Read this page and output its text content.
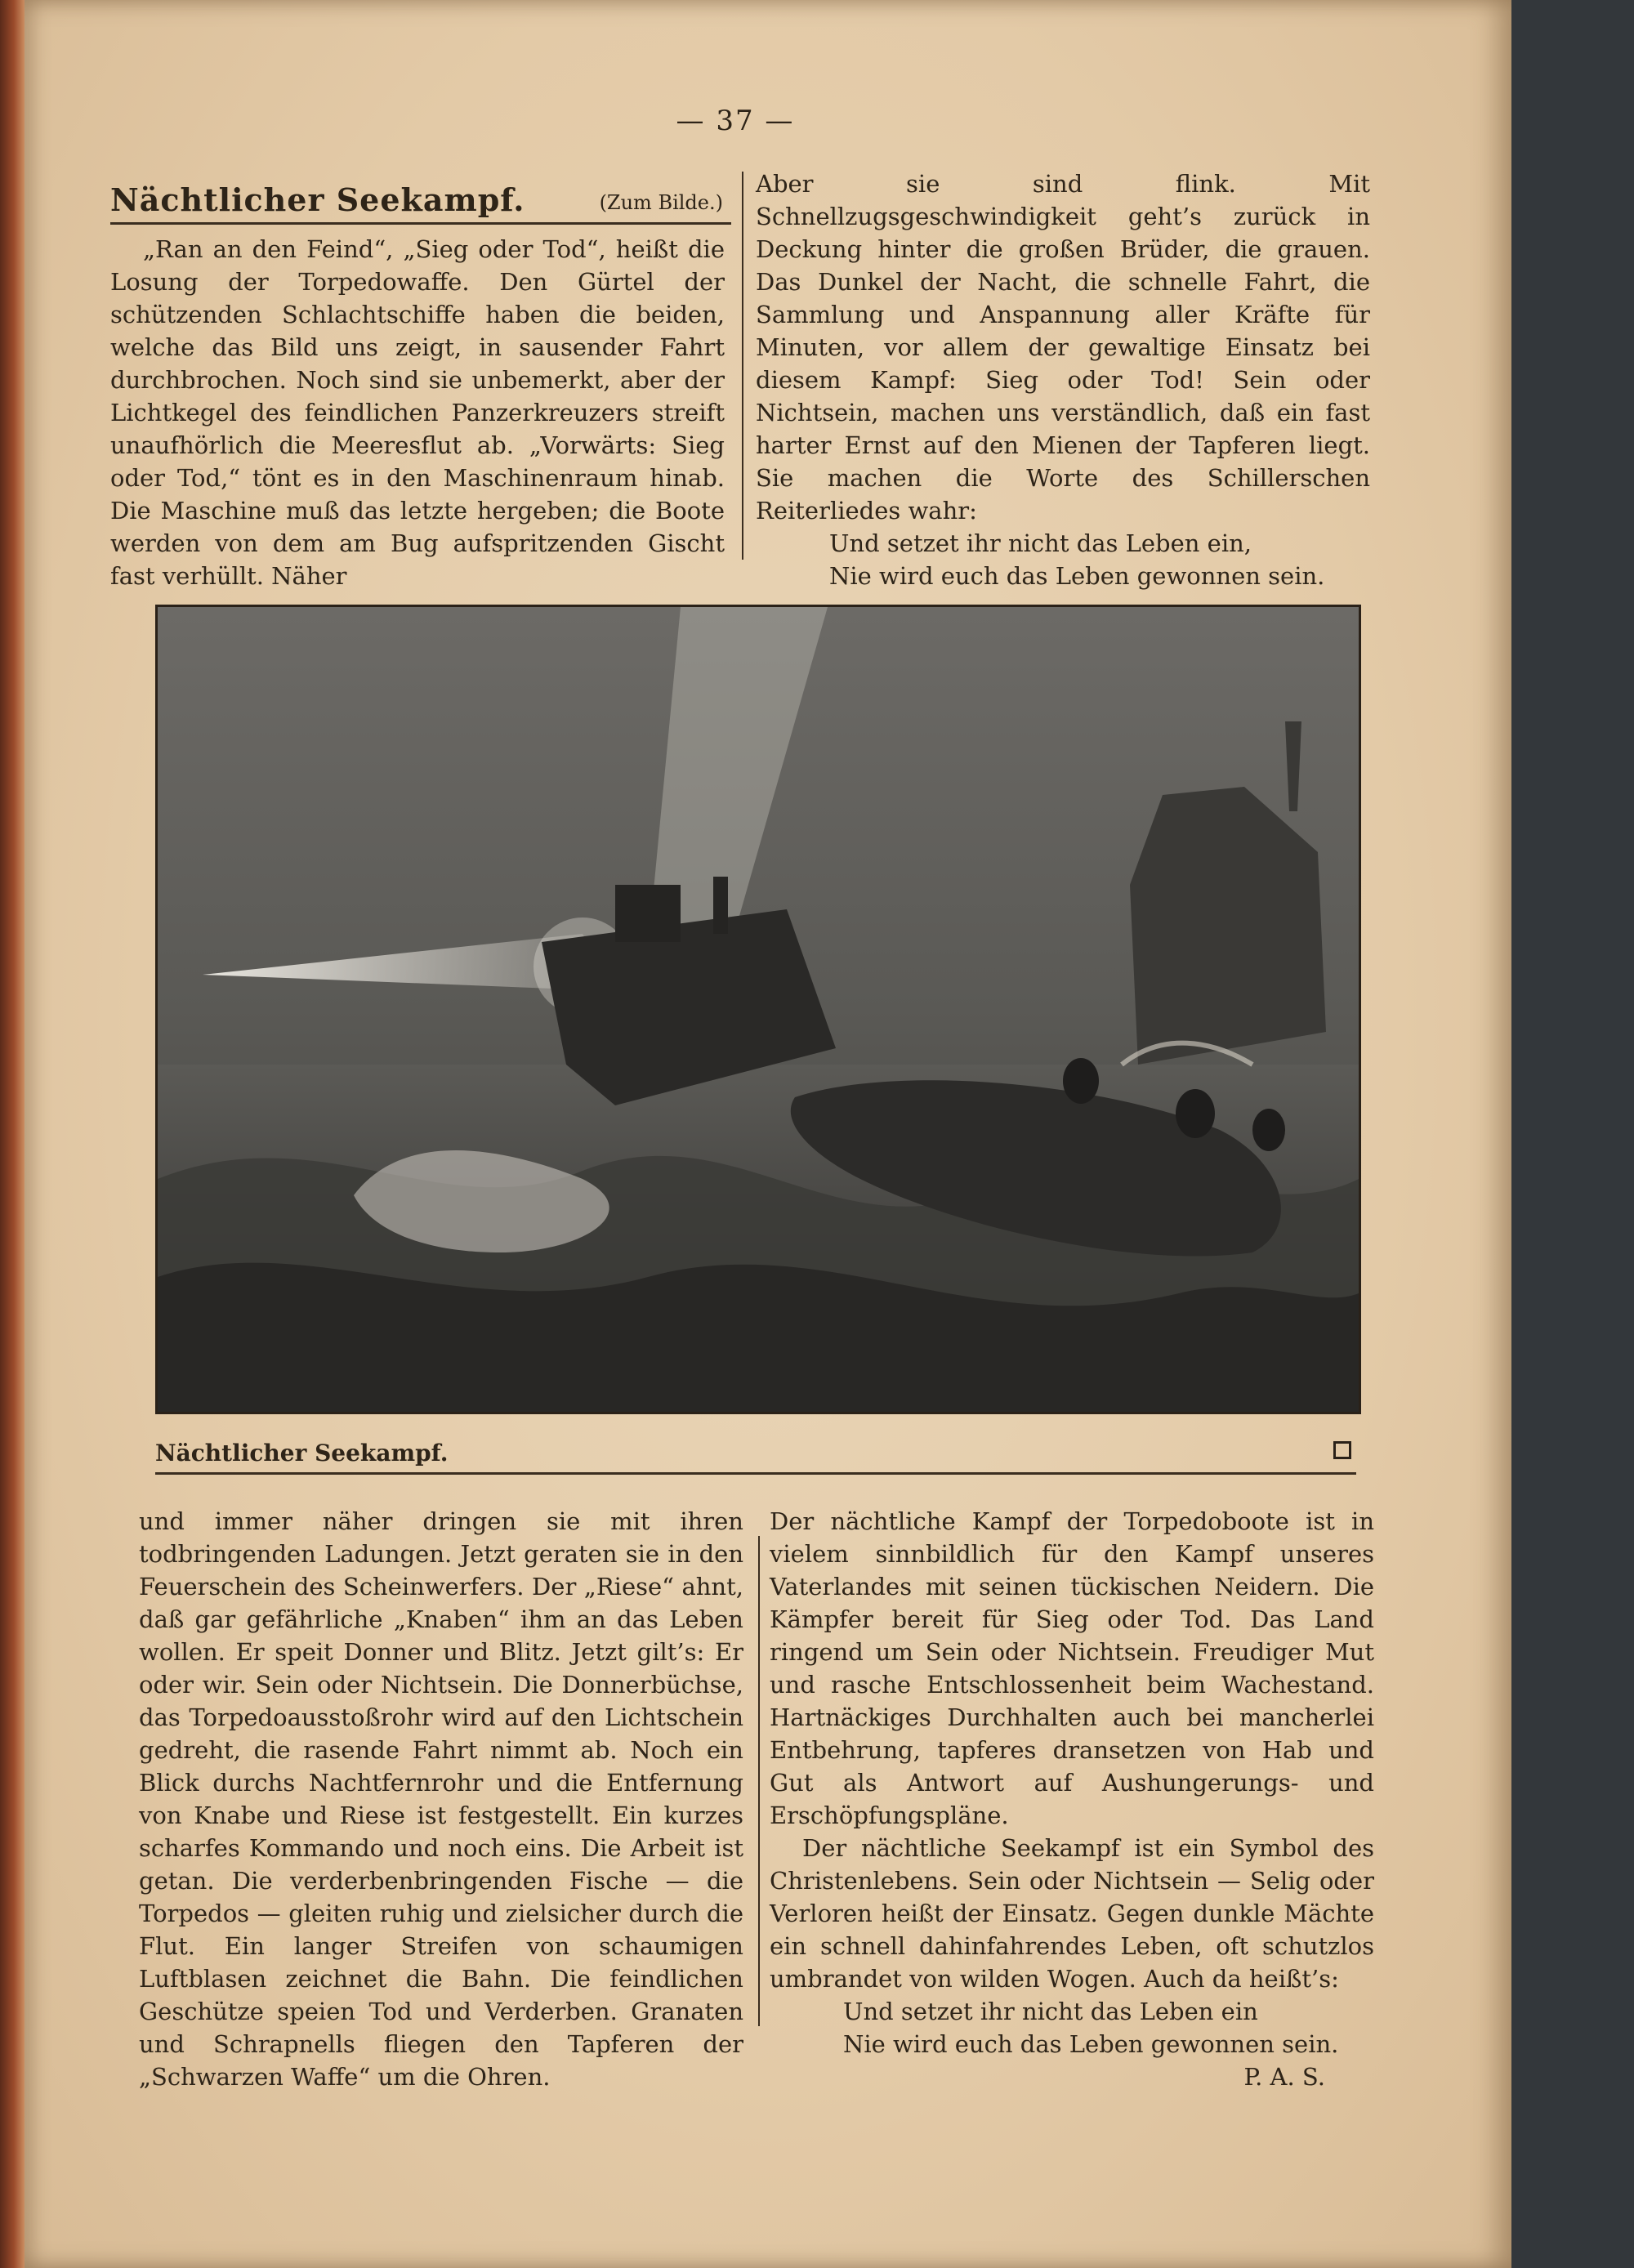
— 37 —
Nächtlicher Seekampf.	(Zum Bilde.)

„Ran an den Feind“, „Sieg oder Tod“, heißt die Losung der Torpedowaffe. Den Gürtel der schützenden Schlachtschiffe haben die beiden, welche das Bild uns zeigt, in sausender Fahrt durchbrochen. Noch sind sie unbemerkt, aber der Lichtkegel des feindlichen Panzerkreuzers streift unaufhörlich die Meeresflut ab. „Vorwärts: Sieg oder Tod,“ tönt es in den Maschinenraum hinab. Die Maschine muß das letzte hergeben; die Boote werden von dem am Bug aufspritzenden Gischt fast verhüllt. Näher

Aber sie sind flink. Mit Schnellzugsgeschwindigkeit geht’s zurück in Deckung hinter die großen Brüder, die grauen. Das Dunkel der Nacht, die schnelle Fahrt, die Sammlung und Anspannung aller Kräfte für Minuten, vor allem der gewaltige Einsatz bei diesem Kampf: Sieg oder Tod! Sein oder Nichtsein, machen uns verständlich, daß ein fast harter Ernst auf den Mienen der Tapferen liegt. Sie machen die Worte des Schillerschen Reiterliedes wahr:

Und setzet ihr nicht das Leben ein,

Nie wird euch das Leben gewonnen sein.

Nächtlicher Seekampf.

und immer näher dringen sie mit ihren todbringenden Ladungen. Jetzt geraten sie in den Feuerschein des Scheinwerfers. Der „Riese“ ahnt, daß gar gefährliche „Knaben“ ihm an das Leben wollen. Er speit Donner und Blitz. Jetzt gilt’s: Er oder wir. Sein oder Nichtsein. Die Donnerbüchse, das Torpedoausstoßrohr wird auf den Lichtschein gedreht, die rasende Fahrt nimmt ab. Noch ein Blick durchs Nachtfernrohr und die Entfernung von Knabe und Riese ist festgestellt. Ein kurzes scharfes Kommando und noch eins. Die Arbeit ist getan. Die verderbenbringenden Fische — die Torpedos — gleiten ruhig und zielsicher durch die Flut. Ein langer Streifen von schaumigen Luftblasen zeichnet die Bahn. Die feindlichen Geschütze speien Tod und Verderben. Granaten und Schrapnells fliegen den Tapferen der „Schwarzen Waffe“ um die Ohren.

Der nächtliche Kampf der Torpedoboote ist in vielem sinnbildlich für den Kampf unseres Vaterlandes mit seinen tückischen Neidern. Die Kämpfer bereit für Sieg oder Tod. Das Land ringend um Sein oder Nichtsein. Freudiger Mut und rasche Entschlossenheit beim Wachestand. Hartnäckiges Durchhalten auch bei mancherlei Entbehrung, tapferes dransetzen von Hab und Gut als Antwort auf Aushungerungs- und Erschöpfungspläne.

Der nächtliche Seekampf ist ein Symbol des Christenlebens. Sein oder Nichtsein — Selig oder Verloren heißt der Einsatz. Gegen dunkle Mächte ein schnell dahinfahrendes Leben, oft schutzlos umbrandet von wilden Wogen. Auch da heißt’s:

Und setzet ihr nicht das Leben ein

Nie wird euch das Leben gewonnen sein.

P. A. S.
